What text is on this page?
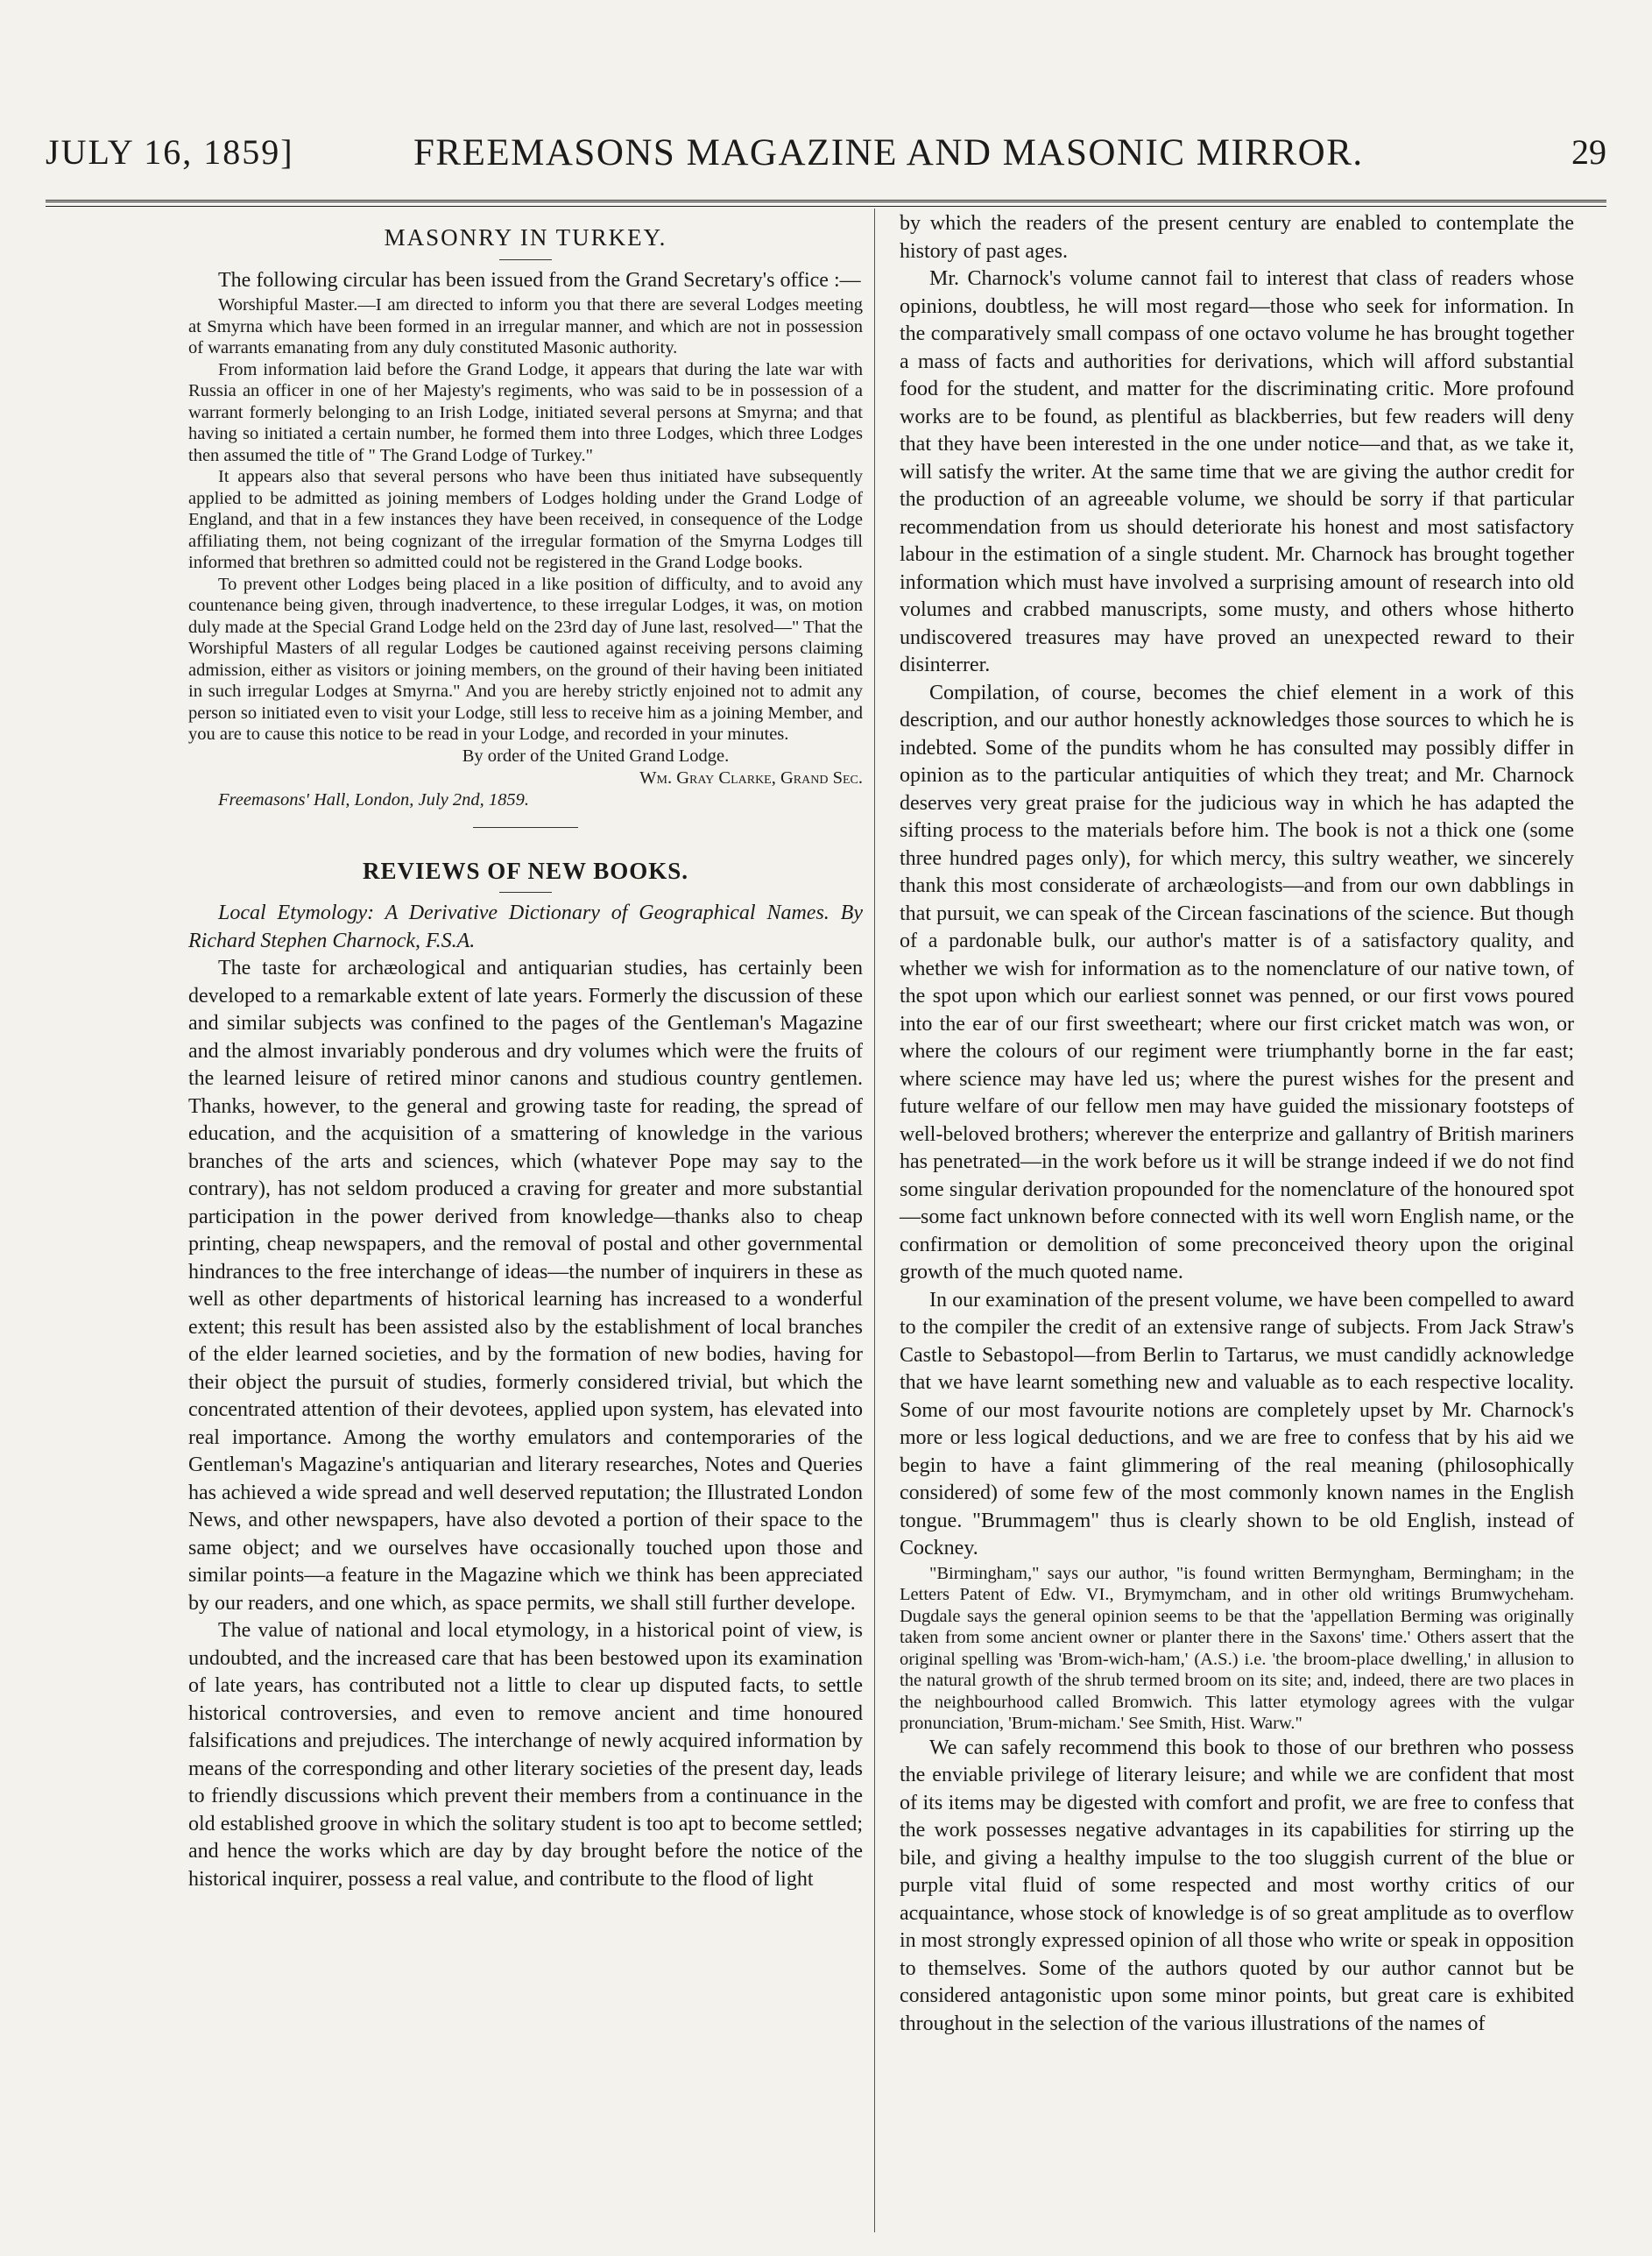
JULY 16, 1859]	FREEMASONS MAGAZINE AND MASONIC MIRROR.	29
MASONRY IN TURKEY.

The following circular has been issued from the Grand Secretary's office :—

Worshipful Master.—I am directed to inform you that there are several Lodges meeting at Smyrna which have been formed in an irregular manner, and which are not in possession of warrants emanating from any duly constituted Masonic authority.

From information laid before the Grand Lodge, it appears that during the late war with Russia an officer in one of her Majesty's regiments, who was said to be in possession of a warrant formerly belonging to an Irish Lodge, initiated several persons at Smyrna; and that having so initiated a certain number, he formed them into three Lodges, which three Lodges then assumed the title of " The Grand Lodge of Turkey."

It appears also that several persons who have been thus initiated have subsequently applied to be admitted as joining members of Lodges holding under the Grand Lodge of England, and that in a few instances they have been received, in consequence of the Lodge affiliating them, not being cognizant of the irregular formation of the Smyrna Lodges till informed that brethren so admitted could not be registered in the Grand Lodge books.

To prevent other Lodges being placed in a like position of difficulty, and to avoid any countenance being given, through inadvertence, to these irregular Lodges, it was, on motion duly made at the Special Grand Lodge held on the 23rd day of June last, resolved—" That the Worshipful Masters of all regular Lodges be cautioned against receiving persons claiming admission, either as visitors or joining members, on the ground of their having been initiated in such irregular Lodges at Smyrna." And you are hereby strictly enjoined not to admit any person so initiated even to visit your Lodge, still less to receive him as a joining Member, and you are to cause this notice to be read in your Lodge, and recorded in your minutes.

By order of the United Grand Lodge.
Wm. Gray Clarke, Grand Sec.
Freemasons' Hall, London, July 2nd, 1859.
REVIEWS OF NEW BOOKS.

Local Etymology: A Derivative Dictionary of Geographical Names. By Richard Stephen Charnock, F.S.A.

The taste for archæological and antiquarian studies, has certainly been developed to a remarkable extent of late years. Formerly the discussion of these and similar subjects was confined to the pages of the Gentleman's Magazine and the almost invariably ponderous and dry volumes which were the fruits of the learned leisure of retired minor canons and studious country gentlemen. Thanks, however, to the general and growing taste for reading, the spread of education, and the acquisition of a smattering of knowledge in the various branches of the arts and sciences, which (whatever Pope may say to the contrary), has not seldom produced a craving for greater and more substantial participation in the power derived from knowledge—thanks also to cheap printing, cheap newspapers, and the removal of postal and other governmental hindrances to the free interchange of ideas—the number of inquirers in these as well as other departments of historical learning has increased to a wonderful extent; this result has been assisted also by the establishment of local branches of the elder learned societies, and by the formation of new bodies, having for their object the pursuit of studies, formerly considered trivial, but which the concentrated attention of their devotees, applied upon system, has elevated into real importance. Among the worthy emulators and contemporaries of the Gentleman's Magazine's antiquarian and literary researches, Notes and Queries has achieved a wide spread and well deserved reputation; the Illustrated London News, and other newspapers, have also devoted a portion of their space to the same object; and we ourselves have occasionally touched upon those and similar points—a feature in the Magazine which we think has been appreciated by our readers, and one which, as space permits, we shall still further develope.

The value of national and local etymology, in a historical point of view, is undoubted, and the increased care that has been bestowed upon its examination of late years, has contributed not a little to clear up disputed facts, to settle historical controversies, and even to remove ancient and time honoured falsifications and prejudices. The interchange of newly acquired information by means of the corresponding and other literary societies of the present day, leads to friendly discussions which prevent their members from a continuance in the old established groove in which the solitary student is too apt to become settled; and hence the works which are day by day brought before the notice of the historical inquirer, possess a real value, and contribute to the flood of light

by which the readers of the present century are enabled to contemplate the history of past ages.

Mr. Charnock's volume cannot fail to interest that class of readers whose opinions, doubtless, he will most regard—those who seek for information. In the comparatively small compass of one octavo volume he has brought together a mass of facts and authorities for derivations, which will afford substantial food for the student, and matter for the discriminating critic. More profound works are to be found, as plentiful as blackberries, but few readers will deny that they have been interested in the one under notice—and that, as we take it, will satisfy the writer. At the same time that we are giving the author credit for the production of an agreeable volume, we should be sorry if that particular recommendation from us should deteriorate his honest and most satisfactory labour in the estimation of a single student. Mr. Charnock has brought together information which must have involved a surprising amount of research into old volumes and crabbed manuscripts, some musty, and others whose hitherto undiscovered treasures may have proved an unexpected reward to their disinterrer.

Compilation, of course, becomes the chief element in a work of this description, and our author honestly acknowledges those sources to which he is indebted. Some of the pundits whom he has consulted may possibly differ in opinion as to the particular antiquities of which they treat; and Mr. Charnock deserves very great praise for the judicious way in which he has adapted the sifting process to the materials before him. The book is not a thick one (some three hundred pages only), for which mercy, this sultry weather, we sincerely thank this most considerate of archæologists—and from our own dabblings in that pursuit, we can speak of the Circean fascinations of the science. But though of a pardonable bulk, our author's matter is of a satisfactory quality, and whether we wish for information as to the nomenclature of our native town, of the spot upon which our earliest sonnet was penned, or our first vows poured into the ear of our first sweetheart; where our first cricket match was won, or where the colours of our regiment were triumphantly borne in the far east; where science may have led us; where the purest wishes for the present and future welfare of our fellow men may have guided the missionary footsteps of well-beloved brothers; wherever the enterprize and gallantry of British mariners has penetrated—in the work before us it will be strange indeed if we do not find some singular derivation propounded for the nomenclature of the honoured spot—some fact unknown before connected with its well worn English name, or the confirmation or demolition of some preconceived theory upon the original growth of the much quoted name.

In our examination of the present volume, we have been compelled to award to the compiler the credit of an extensive range of subjects. From Jack Straw's Castle to Sebastopol—from Berlin to Tartarus, we must candidly acknowledge that we have learnt something new and valuable as to each respective locality. Some of our most favourite notions are completely upset by Mr. Charnock's more or less logical deductions, and we are free to confess that by his aid we begin to have a faint glimmering of the real meaning (philosophically considered) of some few of the most commonly known names in the English tongue. "Brummagem" thus is clearly shown to be old English, instead of Cockney.

"Birmingham," says our author, "is found written Bermyngham, Bermingham; in the Letters Patent of Edw. VI., Brymymcham, and in other old writings Brumwycheham. Dugdale says the general opinion seems to be that the 'appellation Berming was originally taken from some ancient owner or planter there in the Saxons' time.' Others assert that the original spelling was 'Brom-wich-ham,' (A.S.) i.e. 'the broom-place dwelling,' in allusion to the natural growth of the shrub termed broom on its site; and, indeed, there are two places in the neighbourhood called Bromwich. This latter etymology agrees with the vulgar pronunciation, 'Brum-micham.' See Smith, Hist. Warw."

We can safely recommend this book to those of our brethren who possess the enviable privilege of literary leisure; and while we are confident that most of its items may be digested with comfort and profit, we are free to confess that the work possesses negative advantages in its capabilities for stirring up the bile, and giving a healthy impulse to the too sluggish current of the blue or purple vital fluid of some respected and most worthy critics of our acquaintance, whose stock of knowledge is of so great amplitude as to overflow in most strongly expressed opinion of all those who write or speak in opposition to themselves. Some of the authors quoted by our author cannot but be considered antagonistic upon some minor points, but great care is exhibited throughout in the selection of the various illustrations of the names of
